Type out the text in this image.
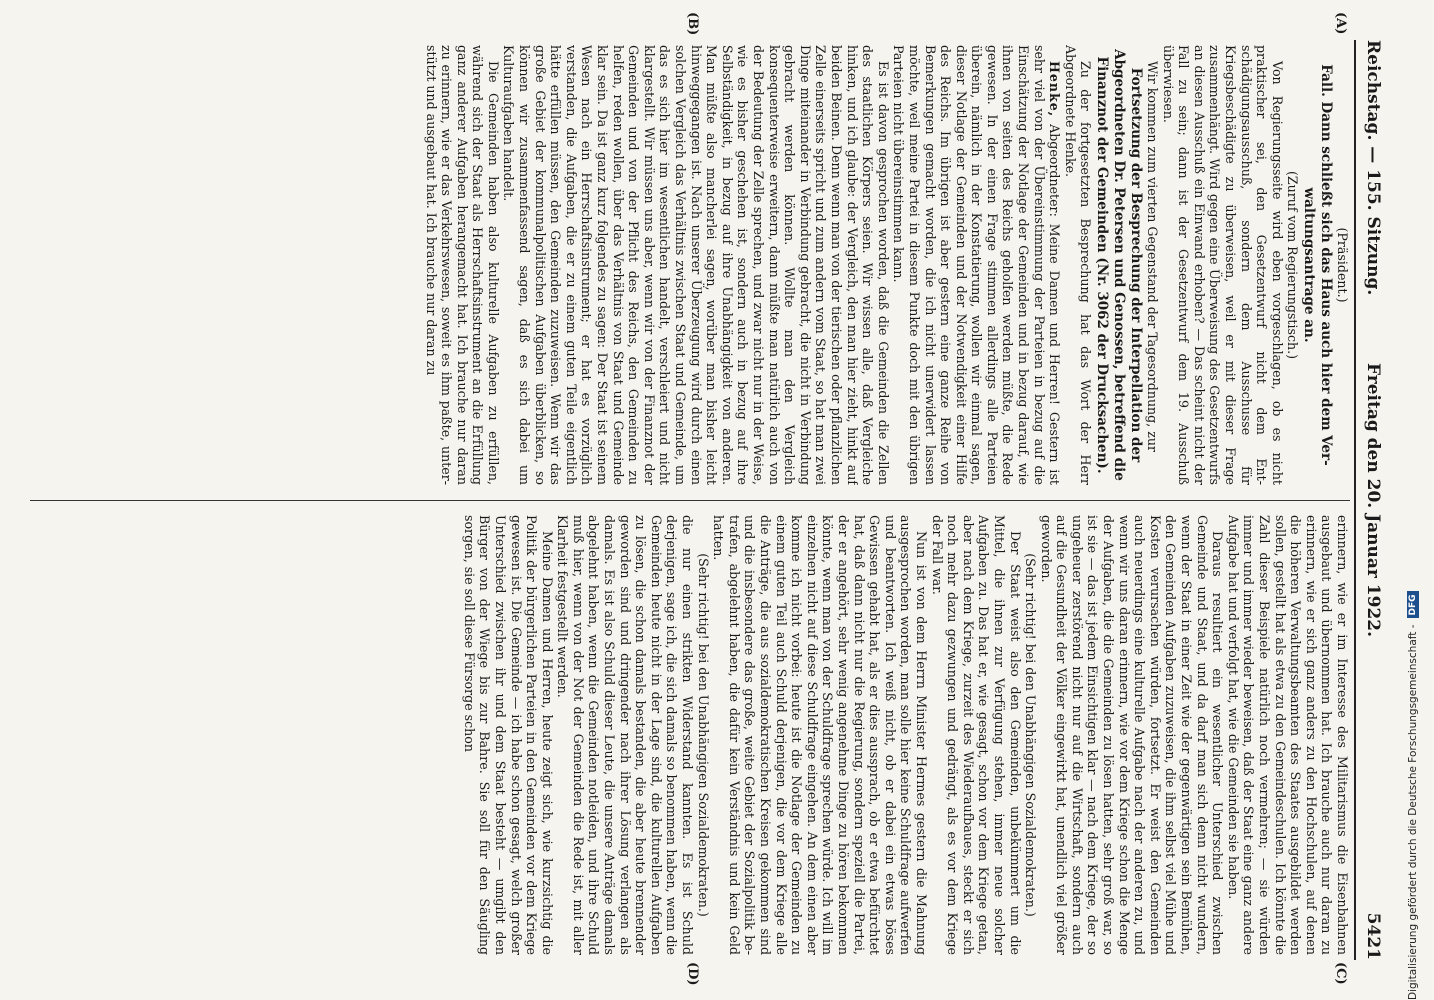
Reichstag. — 155. Sitzung.
Freitag den 20. Januar 1922.
5421
(A)
(B)
(C)
(D)

(Präsident.)

Fall. Dann schließt sich das Haus auch hier dem Verwaltungsantrage an.

(Zuruf vom Regierungstisch.)

Von Regierungsseite wird eben vorgeschlagen, ob es nicht praktischer sei, den Gesetzentwurf nicht dem Entschädigungsausschuß, sondern dem Ausschusse für Kriegsbeschädigte zu überweisen, weil er mit dieser Frage zusammenhängt. Wird gegen eine Überweisung des Gesetzentwurfs an diesen Ausschuß ein Einwand erhoben? — Das scheint nicht der Fall zu sein; dann ist der Gesetzentwurf dem 19. Ausschuß überwiesen.

Wir kommen zum vierten Gegenstand der Tagesordnung, zur

Fortsetzung der Besprechung der Interpellation der Abgeordneten Dr. Petersen und Genossen, betreffend die Finanznot der Gemeinden (Nr. 3062 der Drucksachen).

Zu der fortgesetzten Besprechung hat das Wort der Herr Abgeordnete Henke.

Henke, Abgeordneter: Meine Damen und Herren! Gestern ist sehr viel von der Übereinstimmung der Parteien in bezug auf die Einschätzung der Notlage der Gemeinden und in bezug darauf, wie ihnen von seiten des Reichs geholfen werden müßte, die Rede gewesen. In der einen Frage stimmen allerdings alle Parteien überein, nämlich in der Konstatierung, wollen wir einmal sagen, dieser Notlage der Gemeinden und der Notwendigkeit einer Hilfe des Reichs. Im übrigen ist aber gestern eine ganze Reihe von Bemerkungen gemacht worden, die ich nicht unerwidert lassen möchte, weil meine Partei in diesem Punkte doch mit den übrigen Parteien nicht übereinstimmen kann.

Es ist davon gesprochen worden, daß die Gemeinden die Zellen des staatlichen Körpers seien. Wir wissen alle, daß Vergleiche hinken, und ich glaube: der Vergleich, den man hier zieht, hinkt auf beiden Beinen. Denn wenn man von der tierischen oder pflanzlichen Zelle einerseits spricht und zum andern vom Staat, so hat man zwei Dinge miteinander in Verbindung gebracht, die nicht in Verbindung gebracht werden können. Wollte man den Vergleich konsequenterweise erweitern, dann müßte man natürlich auch von der Bedeutung der Zelle sprechen, und zwar nicht nur in der Weise, wie es bisher geschehen ist, sondern auch in bezug auf ihre Selbständigkeit, in bezug auf ihre Unabhängigkeit von anderen. Man müßte also mancherlei sagen, worüber man bisher leicht hinweggegangen ist. Nach unserer Überzeugung wird durch einen solchen Vergleich das Verhältnis zwischen Staat und Gemeinde, um das es sich hier im wesentlichen handelt, verschleiert und nicht klargestellt. Wir müssen uns aber, wenn wir von der Finanznot der Gemeinden und von der Pflicht des Reichs, den Gemeinden zu helfen, reden wollen, über das Verhältnis von Staat und Gemeinde klar sein. Da ist ganz kurz folgendes zu sagen: Der Staat ist seinem Wesen nach ein Herrschaftsinstrument; er hat es vorzüglich verstanden, die Aufgaben, die er zu einem guten Teile eigentlich hätte erfüllen müssen, den Gemeinden zuzuweisen. Wenn wir das große Gebiet der kommunalpolitischen Aufgaben überblicken, so können wir zusammenfassend sagen, daß es sich dabei um Kulturaufgaben handelt.

Die Gemeinden haben also kulturelle Aufgaben zu erfüllen, während sich der Staat als Herrschaftsinstrument an die Erfüllung ganz anderer Aufgaben herangemacht hat. Ich brauche nur daran zu erinnern, wie er das Verkehrswesen, soweit es ihm paßte, unterstützt und ausgebaut hat. Ich brauche nur daran zu

erinnern, wie er im Interesse des Militarismus die Eisenbahnen ausgebaut und übernommen hat. Ich brauche auch nur daran zu erinnern, wie er sich ganz anders zu den Hochschulen, auf denen die höheren Verwaltungsbeamten des Staates ausgebildet werden sollen, gestellt hat als etwa zu den Gemeindeschulen. Ich könnte die Zahl dieser Beispiele natürlich noch vermehren; — sie würden immer und immer wieder beweisen, daß der Staat eine ganz andere Aufgabe hat und verfolgt hat, wie die Gemeinden sie haben.

Daraus resultiert ein wesentlicher Unterschied zwischen Gemeinde und Staat, und da darf man sich denn nicht wundern, wenn der Staat in einer Zeit wie der gegenwärtigen sein Bemühen, den Gemeinden Aufgaben zuzuweisen, die ihm selbst viel Mühe und Kosten verursachen würden, fortsetzt. Er weist den Gemeinden auch neuerdings eine kulturelle Aufgabe nach der anderen zu, und wenn wir uns daran erinnern, wie vor dem Kriege schon die Menge der Aufgaben, die die Gemeinden zu lösen hatten, sehr groß war, so ist sie — das ist jedem Einsichtigen klar — nach dem Kriege, der so ungeheuer zerstörend nicht nur auf die Wirtschaft, sondern auch auf die Gesundheit der Völker eingewirkt hat, unendlich viel größer geworden.

(Sehr richtig! bei den Unabhängigen Sozialdemokraten.)

Der Staat weist also den Gemeinden, unbekümmert um die Mittel, die ihnen zur Verfügung stehen, immer neue solcher Aufgaben zu. Das hat er, wie gesagt, schon vor dem Kriege getan, aber nach dem Kriege, zurzeit des Wiederaufbaues, steckt er sich noch mehr dazu gezwungen und gedrängt, als es vor dem Kriege der Fall war.

Nun ist von dem Herrn Minister Hermes gestern die Mahnung ausgesprochen worden, man solle hier keine Schuldfrage aufwerfen und beantworten. Ich weiß nicht, ob er dabei ein etwas böses Gewissen gehabt hat, als er dies aussprach, ob er etwa befürchtet hat, daß dann nicht nur die Regierung, sondern speziell die Partei, der er angehört, sehr wenig angenehme Dinge zu hören bekommen könnte, wenn man von der Schuldfrage sprechen würde. Ich will im einzelnen nicht auf diese Schuldfrage eingehen. An dem einen aber komme ich nicht vorbei: heute ist die Notlage der Gemeinden zu einem guten Teil auch Schuld derjenigen, die vor dem Kriege alle die Anträge, die aus sozialdemokratischen Kreisen gekommen sind und die insbesondere das große, weite Gebiet der Sozialpolitik betrafen, abgelehnt haben, die dafür kein Verständnis und kein Geld hatten.

(Sehr richtig! bei den Unabhängigen Sozialdemokraten.)

die nur einen strikten Widerstand kannten. Es ist Schuld derjenigen, sage ich, die sich damals so benommen haben, wenn die Gemeinden heute nicht in der Lage sind, die kulturellen Aufgaben zu lösen, die schon damals bestanden, die aber heute brennender geworden sind und dringender nach ihrer Lösung verlangen als damals. Es ist also Schuld dieser Leute, die unsere Anträge damals abgelehnt haben, wenn die Gemeinden notleiden, und ihre Schuld muß hier, wenn von der Not der Gemeinden die Rede ist, mit aller Klarheit festgestellt werden.

Meine Damen und Herren, heute zeigt sich, wie kurzsichtig die Politik der bürgerlichen Parteien in den Gemeinden vor dem Kriege gewesen ist. Die Gemeinde — ich habe schon gesagt, welch großer Unterschied zwischen ihr und dem Staat besteht — umgibt den Bürger von der Wiege bis zur Bahre. Sie soll für den Säugling sorgen, sie soll diese Fürsorge schon	Digitalisierung gefördert durch die Deutsche Forschungsgemeinschaft -
DFG
